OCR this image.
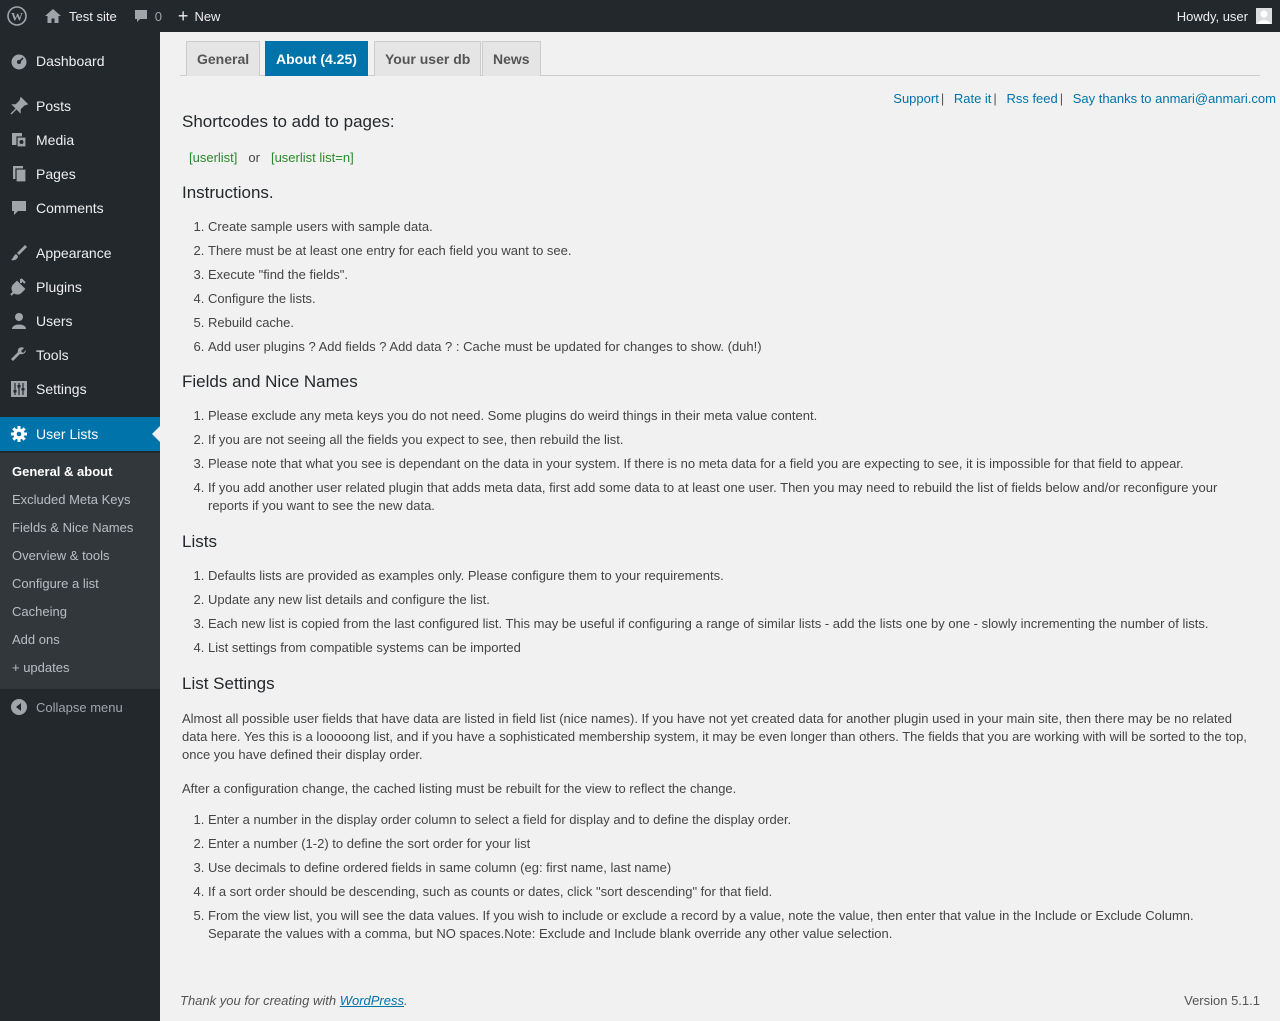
W	Test site	0 + New	Howdy, user
Dashboard
Posts
Media
Pages
Comments
Appearance
Plugins
Users
Tools
Settings
User Lists
General & about
Excluded Meta Keys
Fields & Nice Names
Overview & tools
Configure a list
Cacheing
Add ons
+ updates
Collapse menu
General	About (4.25)	Your user db	News
Support | Rate it | Rss feed | Say thanks to anmari@anmari.com
Shortcodes to add to pages:
[userlist] or [userlist list=n]
Instructions.
1. Create sample users with sample data.
2. There must be at least one entry for each field you want to see.
3. Execute "find the fields".
4. Configure the lists.
5. Rebuild cache.
6. Add user plugins ? Add fields ? Add data ? : Cache must be updated for changes to show. (duh!)
Fields and Nice Names
1. Please exclude any meta keys you do not need. Some plugins do weird things in their meta value content.
2. If you are not seeing all the fields you expect to see, then rebuild the list.
3. Please note that what you see is dependant on the data in your system. If there is no meta data for a field you are expecting to see, it is impossible for that field to appear.
4. If you add another user related plugin that adds meta data, first add some data to at least one user. Then you may need to rebuild the list of fields below and/or reconfigure your reports if you want to see the new data.
Lists
1. Defaults lists are provided as examples only. Please configure them to your requirements.
2. Update any new list details and configure the list.
3. Each new list is copied from the last configured list. This may be useful if configuring a range of similar lists - add the lists one by one - slowly incrementing the number of lists.
4. List settings from compatible systems can be imported
List Settings

Almost all possible user fields that have data are listed in field list (nice names). If you have not yet created data for another plugin used in your main site, then there may be no related data here. Yes this is a looooong list, and if you have a sophisticated membership system, it may be even longer than others. The fields that you are working with will be sorted to the top, once you have defined their display order.

After a configuration change, the cached listing must be rebuilt for the view to reflect the change.

1. Enter a number in the display order column to select a field for display and to define the display order.
2. Enter a number (1-2) to define the sort order for your list
3. Use decimals to define ordered fields in same column (eg: first name, last name)
4. If a sort order should be descending, such as counts or dates, click "sort descending" for that field.
5. From the view list, you will see the data values. If you wish to include or exclude a record by a value, note the value, then enter that value in the Include or Exclude Column. Separate the values with a comma, but NO spaces.Note: Exclude and Include blank override any other value selection.
Thank you for creating with WordPress.	Version 5.1.1
